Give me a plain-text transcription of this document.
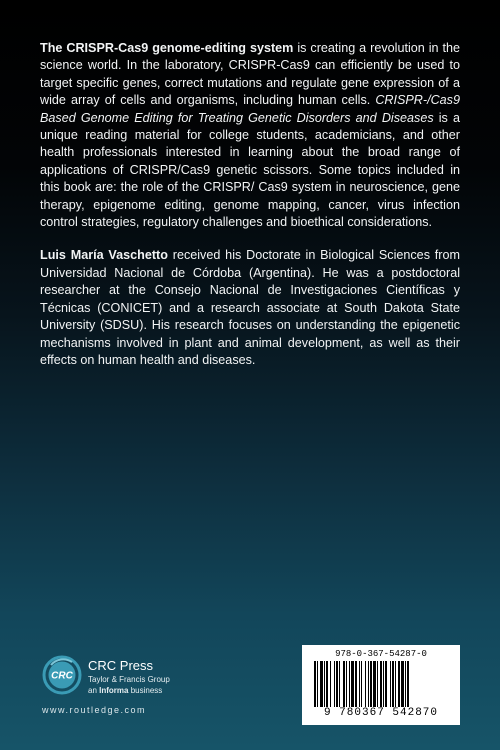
The CRISPR-Cas9 genome-editing system is creating a revolution in the science world. In the laboratory, CRISPR-Cas9 can efficiently be used to target specific genes, correct mutations and regulate gene expression of a wide array of cells and organisms, including human cells. CRISPR-/Cas9 Based Genome Editing for Treating Genetic Disorders and Diseases is a unique reading material for college students, academicians, and other health professionals interested in learning about the broad range of applications of CRISPR/Cas9 genetic scissors. Some topics included in this book are: the role of the CRISPR/ Cas9 system in neuroscience, gene therapy, epigenome editing, genome mapping, cancer, virus infection control strategies, regulatory challenges and bioethical considerations.

Luis María Vaschetto received his Doctorate in Biological Sciences from Universidad Nacional de Córdoba (Argentina). He was a postdoctoral researcher at the Consejo Nacional de Investigaciones Científicas y Técnicas (CONICET) and a research associate at South Dakota State University (SDSU). His research focuses on understanding the epigenetic mechanisms involved in plant and animal development, as well as their effects on human health and diseases.

CRC
CRC Press
Taylor & Francis Group
an Informa business
www.routledge.com
978-0-367-54287-0
9 780367 542870
